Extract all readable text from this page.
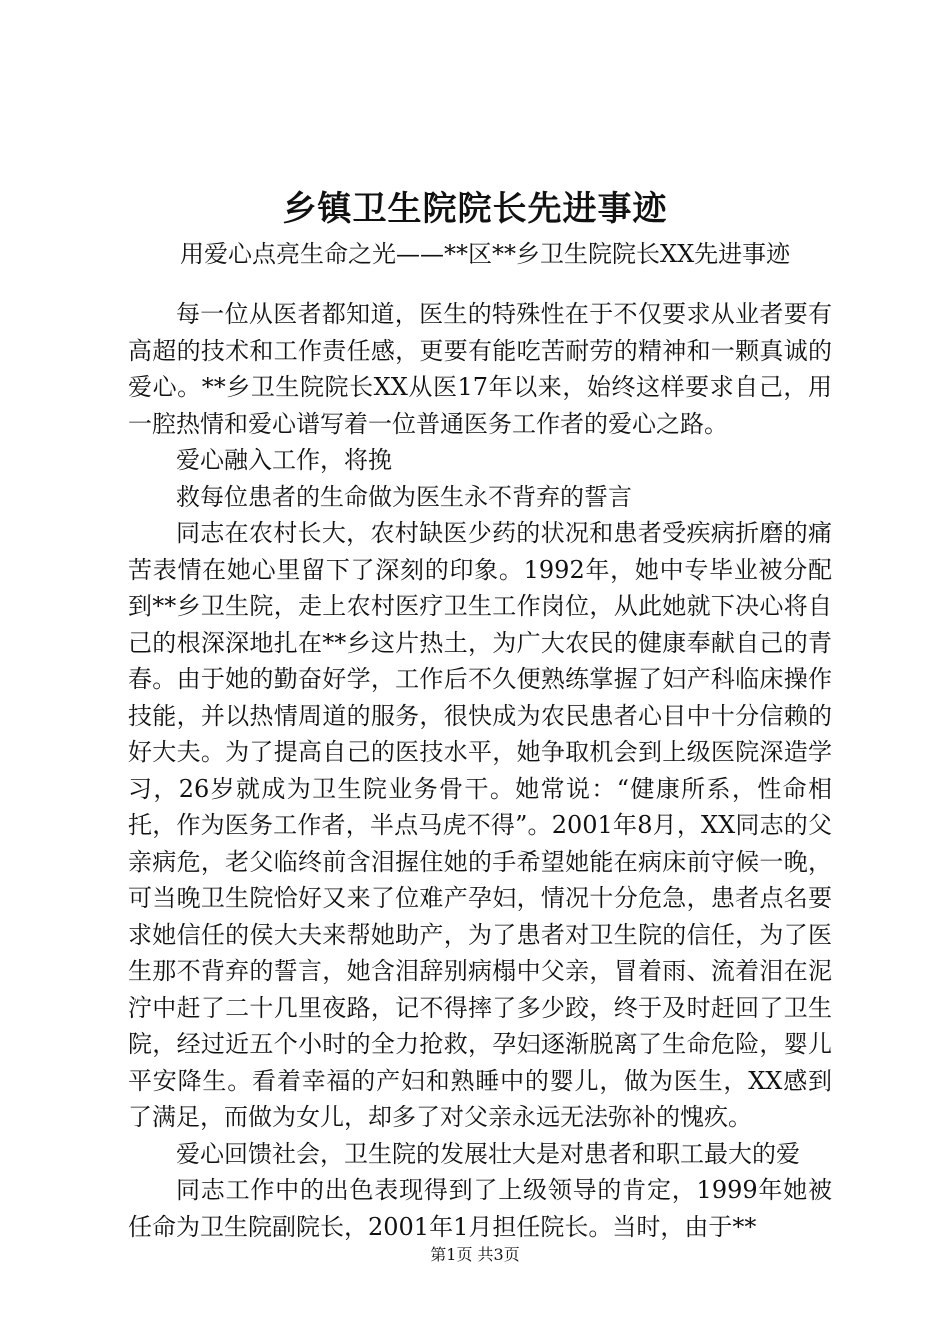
乡镇卫生院院长先进事迹
用爱心点亮生命之光——**区**乡卫生院院长XX先进事迹

每一位从医者都知道，医生的特殊性在于不仅要求从业者要有高超的技术和工作责任感，更要有能吃苦耐劳的精神和一颗真诚的爱心。**乡卫生院院长XX从医17年以来，始终这样要求自己，用一腔热情和爱心谱写着一位普通医务工作者的爱心之路。

爱心融入工作，将挽

救每位患者的生命做为医生永不背弃的誓言

同志在农村长大，农村缺医少药的状况和患者受疾病折磨的痛苦表情在她心里留下了深刻的印象。1992年，她中专毕业被分配到**乡卫生院，走上农村医疗卫生工作岗位，从此她就下决心将自己的根深深地扎在**乡这片热土，为广大农民的健康奉献自己的青春。由于她的勤奋好学，工作后不久便熟练掌握了妇产科临床操作技能，并以热情周道的服务，很快成为农民患者心目中十分信赖的好大夫。为了提高自己的医技水平，她争取机会到上级医院深造学习，26岁就成为卫生院业务骨干。她常说：“健康所系，性命相托，作为医务工作者，半点马虎不得”。2001年8月，XX同志的父亲病危，老父临终前含泪握住她的手希望她能在病床前守候一晚，可当晚卫生院恰好又来了位难产孕妇，情况十分危急，患者点名要求她信任的侯大夫来帮她助产，为了患者对卫生院的信任，为了医生那不背弃的誓言，她含泪辞别病榻中父亲，冒着雨、流着泪在泥泞中赶了二十几里夜路，记不得摔了多少跤，终于及时赶回了卫生院，经过近五个小时的全力抢救，孕妇逐渐脱离了生命危险，婴儿平安降生。看着幸福的产妇和熟睡中的婴儿，做为医生，XX感到了满足，而做为女儿，却多了对父亲永远无法弥补的愧疚。

爱心回馈社会，卫生院的发展壮大是对患者和职工最大的爱

同志工作中的出色表现得到了上级领导的肯定，1999年她被任命为卫生院副院长，2001年1月担任院长。当时，由于**

第1页 共3页
